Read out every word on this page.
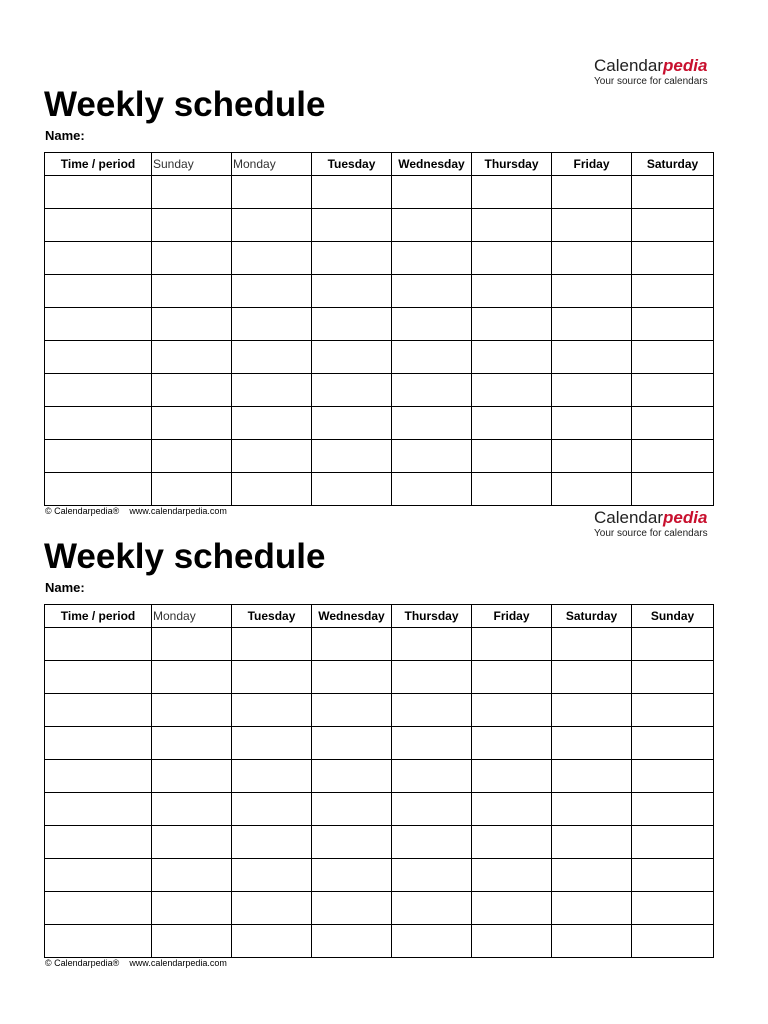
Calendarpedia
Your source for calendars
Weekly schedule
Name:
Time / period	Sunday	Monday	Tuesday	Wednesday	Thursday	Friday	Saturday

© Calendarpedia® www.calendarpedia.com	Calendarpedia
Your source for calendars
Weekly schedule
Name:
Time / period	Monday	Tuesday	Wednesday	Thursday	Friday	Saturday	Sunday

© Calendarpedia® www.calendarpedia.com
